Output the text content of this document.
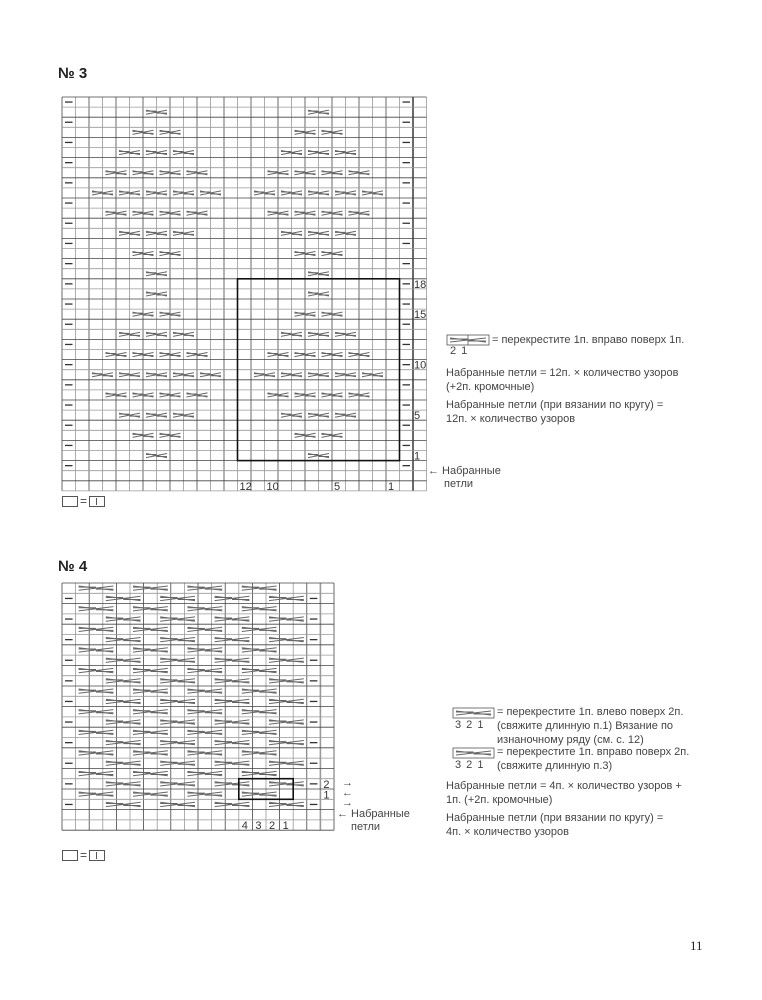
18
15
10
5
1
12 10	5	1
2
1
4 3 2 1
№ 3
← Набранные
петли
2 1
= перекрестите 1п. вправо поверх 1п.
Набранные петли = 12п. × количество узоров
(+2п. кромочные)
Набранные петли (при вязании по кругу) =
12п. × количество узоров
=
№ 4
→
←
→
← Набранные
петли
3 2 1
= перекрестите 1п. влево поверх 2п.
(свяжите длинную п.1) Вязание по
изнаночному ряду (см. с. 12)
3 2 1
= перекрестите 1п. вправо поверх 2п.
(свяжите длинную п.3)
Набранные петли = 4п. × количество узоров +
1п. (+2п. кромочные)
Набранные петли (при вязании по кругу) =
4п. × количество узоров
=
11
